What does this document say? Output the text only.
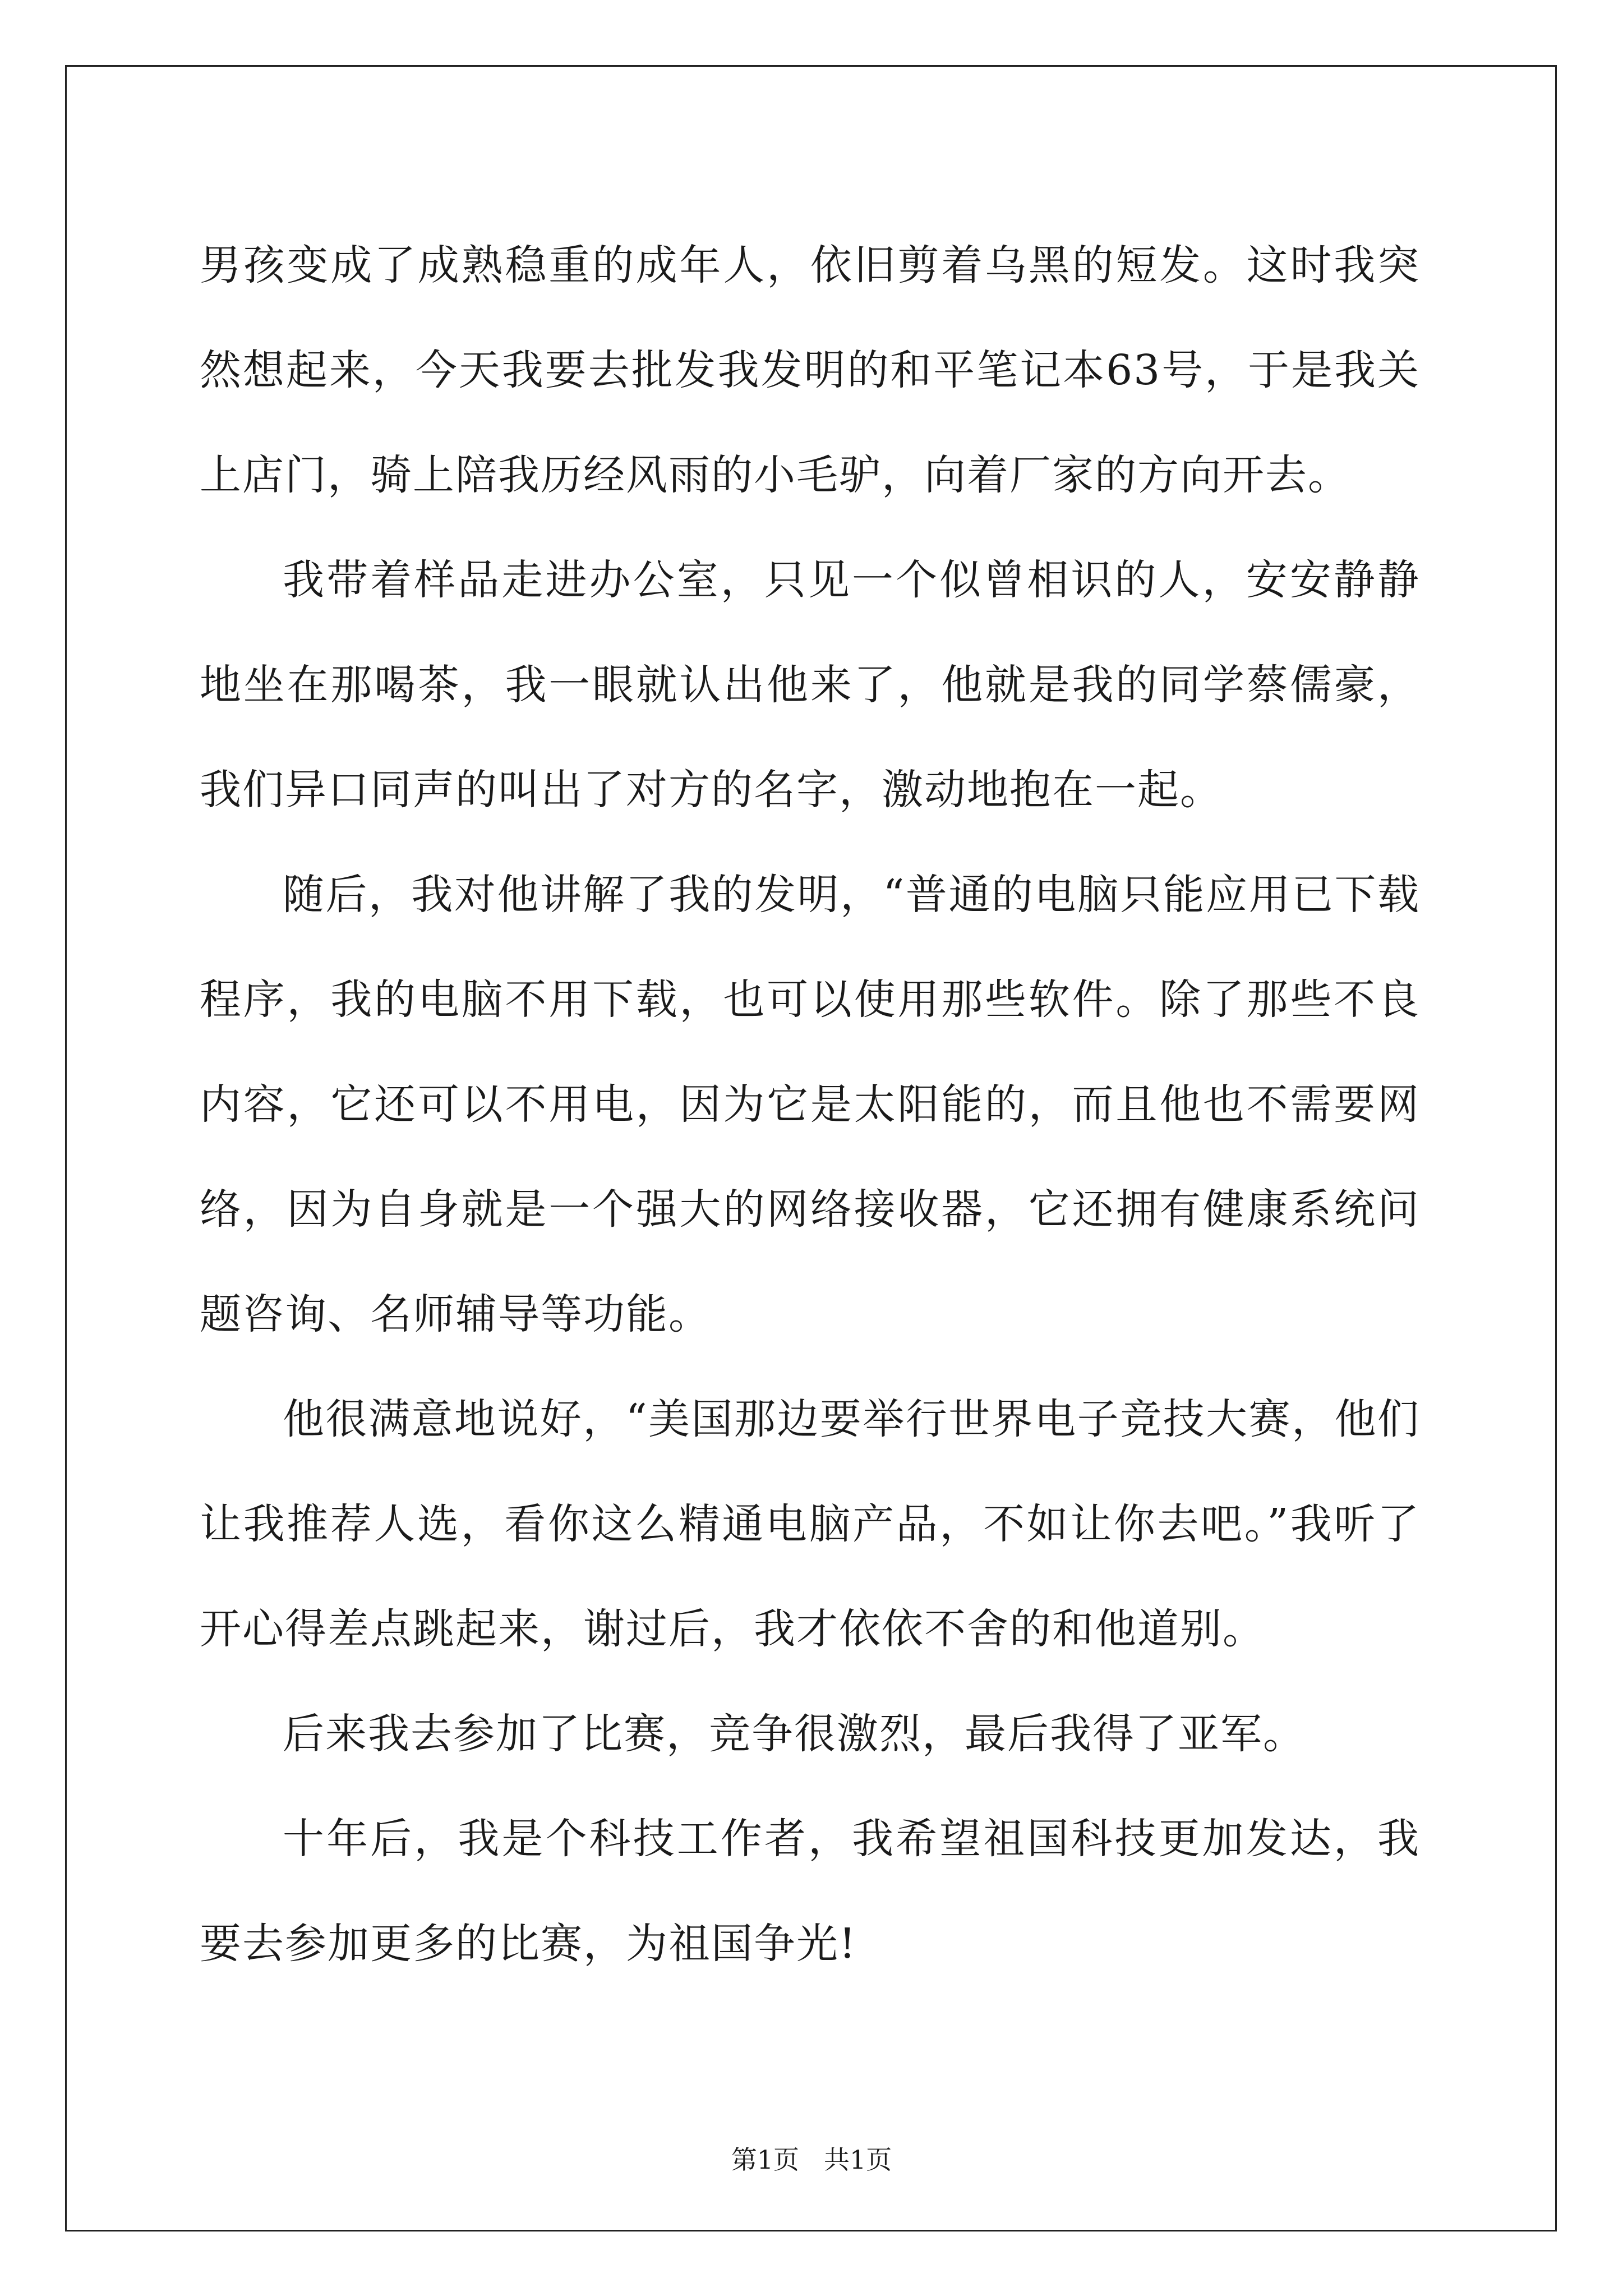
男孩变成了成熟稳重的成年人，依旧剪着乌黑的短发。这时我突然想起来，今天我要去批发我发明的和平笔记本63号，于是我关上店门，骑上陪我历经风雨的小毛驴，向着厂家的方向开去。

我带着样品走进办公室，只见一个似曾相识的人，安安静静地坐在那喝茶，我一眼就认出他来了，他就是我的同学蔡儒豪，我们异口同声的叫出了对方的名字，激动地抱在一起。

随后，我对他讲解了我的发明，“普通的电脑只能应用已下载程序，我的电脑不用下载，也可以使用那些软件。除了那些不良内容，它还可以不用电，因为它是太阳能的，而且他也不需要网络，因为自身就是一个强大的网络接收器，它还拥有健康系统问题咨询、名师辅导等功能。

他很满意地说好，“美国那边要举行世界电子竞技大赛，他们让我推荐人选，看你这么精通电脑产品，不如让你去吧。”我听了开心得差点跳起来，谢过后，我才依依不舍的和他道别。

后来我去参加了比赛，竞争很激烈，最后我得了亚军。

十年后，我是个科技工作者，我希望祖国科技更加发达，我要去参加更多的比赛，为祖国争光!

第1页 共1页
